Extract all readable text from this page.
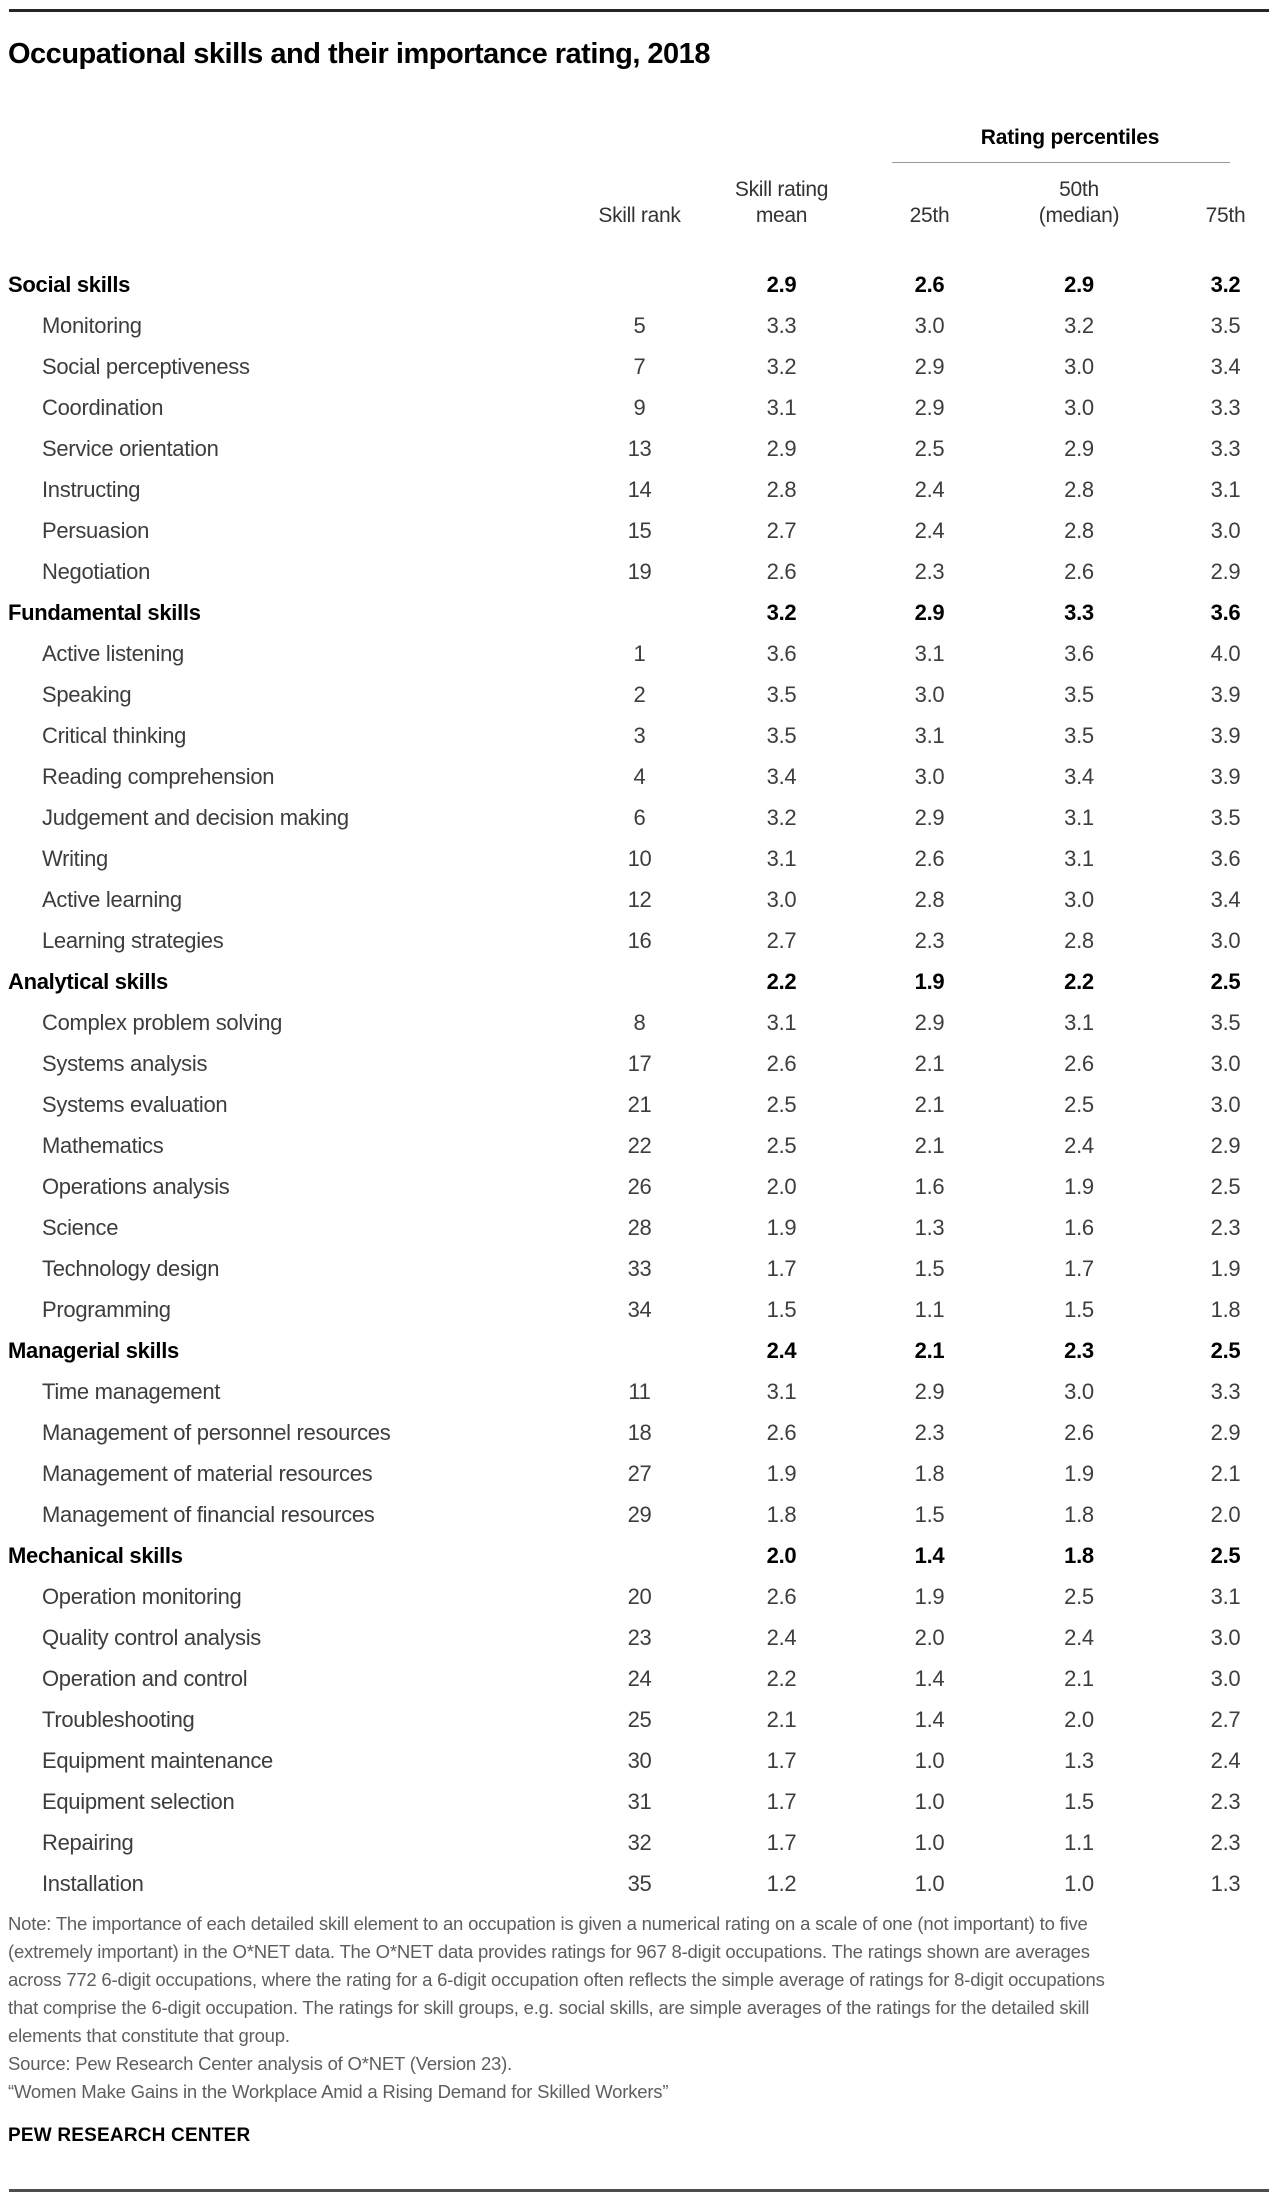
Occupational skills and their importance rating, 2018

			Rating percentiles		

	Skill rank	Skill rating
mean	25th	50th
(median)	75th

Social skills		2.9	2.6	2.9	3.2
Monitoring	5	3.3	3.0	3.2	3.5
Social perceptiveness	7	3.2	2.9	3.0	3.4
Coordination	9	3.1	2.9	3.0	3.3
Service orientation	13	2.9	2.5	2.9	3.3
Instructing	14	2.8	2.4	2.8	3.1
Persuasion	15	2.7	2.4	2.8	3.0
Negotiation	19	2.6	2.3	2.6	2.9
Fundamental skills		3.2	2.9	3.3	3.6
Active listening	1	3.6	3.1	3.6	4.0
Speaking	2	3.5	3.0	3.5	3.9
Critical thinking	3	3.5	3.1	3.5	3.9
Reading comprehension	4	3.4	3.0	3.4	3.9
Judgement and decision making	6	3.2	2.9	3.1	3.5
Writing	10	3.1	2.6	3.1	3.6
Active learning	12	3.0	2.8	3.0	3.4
Learning strategies	16	2.7	2.3	2.8	3.0
Analytical skills		2.2	1.9	2.2	2.5
Complex problem solving	8	3.1	2.9	3.1	3.5
Systems analysis	17	2.6	2.1	2.6	3.0
Systems evaluation	21	2.5	2.1	2.5	3.0
Mathematics	22	2.5	2.1	2.4	2.9
Operations analysis	26	2.0	1.6	1.9	2.5
Science	28	1.9	1.3	1.6	2.3
Technology design	33	1.7	1.5	1.7	1.9
Programming	34	1.5	1.1	1.5	1.8
Managerial skills		2.4	2.1	2.3	2.5
Time management	11	3.1	2.9	3.0	3.3
Management of personnel resources	18	2.6	2.3	2.6	2.9
Management of material resources	27	1.9	1.8	1.9	2.1
Management of financial resources	29	1.8	1.5	1.8	2.0
Mechanical skills		2.0	1.4	1.8	2.5
Operation monitoring	20	2.6	1.9	2.5	3.1
Quality control analysis	23	2.4	2.0	2.4	3.0
Operation and control	24	2.2	1.4	2.1	3.0
Troubleshooting	25	2.1	1.4	2.0	2.7
Equipment maintenance	30	1.7	1.0	1.3	2.4
Equipment selection	31	1.7	1.0	1.5	2.3
Repairing	32	1.7	1.0	1.1	2.3
Installation	35	1.2	1.0	1.0	1.3
Note: The importance of each detailed skill element to an occupation is given a numerical rating on a scale of one (not important) to five
(extremely important) in the O*NET data. The O*NET data provides ratings for 967 8-digit occupations. The ratings shown are averages
across 772 6-digit occupations, where the rating for a 6-digit occupation often reflects the simple average of ratings for 8-digit occupations
that comprise the 6-digit occupation. The ratings for skill groups, e.g. social skills, are simple averages of the ratings for the detailed skill
elements that constitute that group.
Source: Pew Research Center analysis of O*NET (Version 23).
“Women Make Gains in the Workplace Amid a Rising Demand for Skilled Workers”
PEW RESEARCH CENTER
